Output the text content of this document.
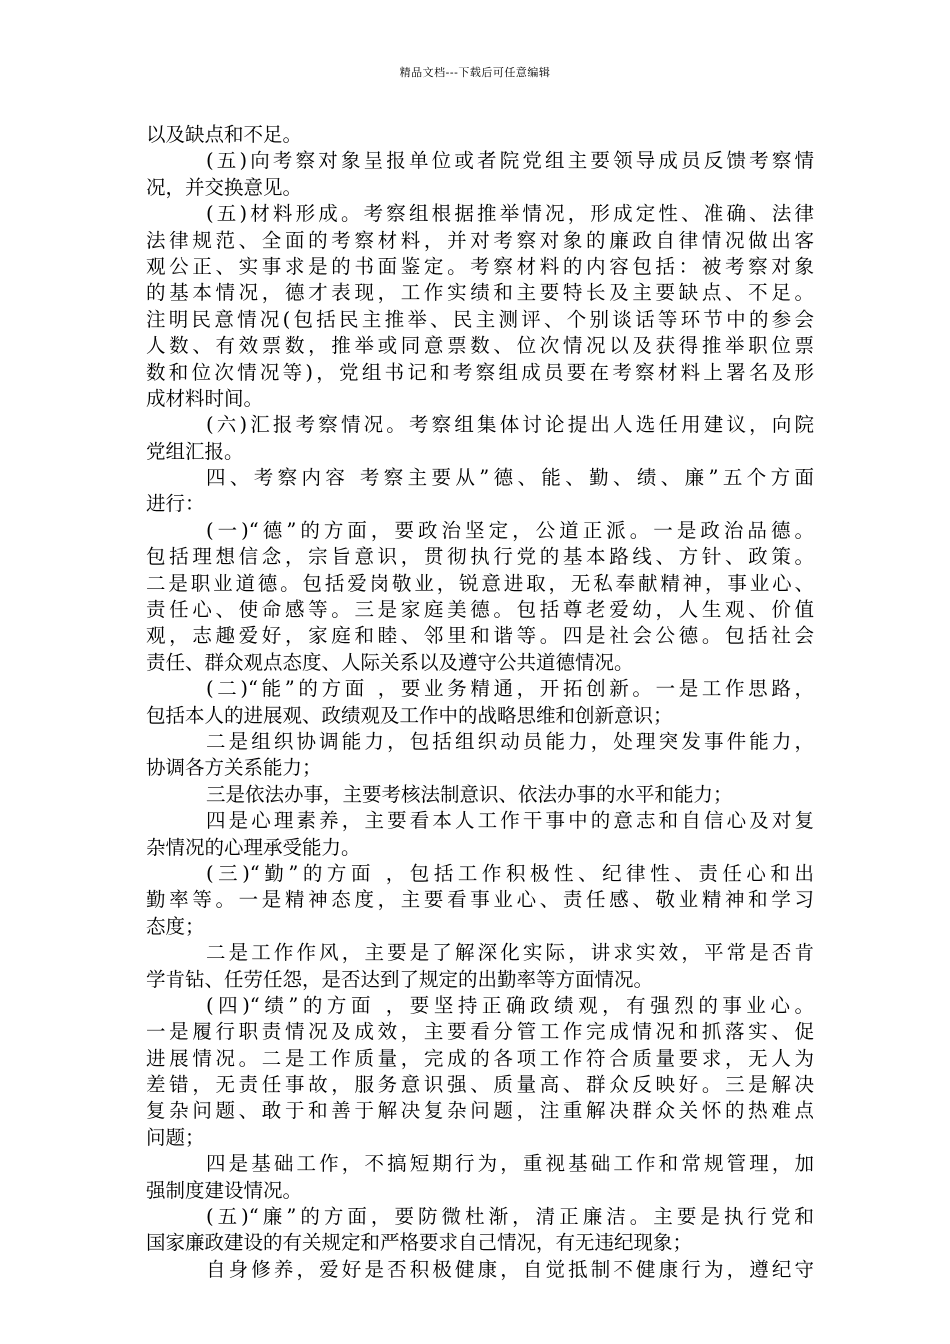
精品文档---下载后可任意编辑
以及缺点和不足。
(五)向考察对象呈报单位或者院党组主要领导成员反馈考察情
况，并交换意见。
(五)材料形成。考察组根据推举情况，形成定性、准确、法律
法律规范、全面的考察材料，并对考察对象的廉政自律情况做出客
观公正、实事求是的书面鉴定。考察材料的内容包括：被考察对象
的基本情况，德才表现，工作实绩和主要特长及主要缺点、不足。
注明民意情况(包括民主推举、民主测评、个别谈话等环节中的参会
人数、有效票数，推举或同意票数、位次情况以及获得推举职位票
数和位次情况等)，党组书记和考察组成员要在考察材料上署名及形
成材料时间。
(六)汇报考察情况。考察组集体讨论提出人选任用建议，向院
党组汇报。
四、考察内容 考察主要从”德、能、勤、绩、廉”五个方面
进行：
(一)“德”的方面，要政治坚定，公道正派。一是政治品德。
包括理想信念，宗旨意识，贯彻执行党的基本路线、方针、政策。
二是职业道德。包括爱岗敬业，锐意进取，无私奉献精神，事业心、
责任心、使命感等。三是家庭美德。包括尊老爱幼，人生观、价值
观，志趣爱好，家庭和睦、邻里和谐等。四是社会公德。包括社会
责任、群众观点态度、人际关系以及遵守公共道德情况。
(二)“能”的方面 ，要业务精通，开拓创新。一是工作思路，
包括本人的进展观、政绩观及工作中的战略思维和创新意识；
二是组织协调能力，包括组织动员能力，处理突发事件能力，
协调各方关系能力；
三是依法办事，主要考核法制意识、依法办事的水平和能力；
四是心理素养，主要看本人工作干事中的意志和自信心及对复
杂情况的心理承受能力。
(三)“勤”的方面 ，包括工作积极性、纪律性、责任心和出
勤率等。一是精神态度，主要看事业心、责任感、敬业精神和学习
态度；
二是工作作风，主要是了解深化实际，讲求实效，平常是否肯
学肯钻、任劳任怨，是否达到了规定的出勤率等方面情况。
(四)“绩”的方面 ，要坚持正确政绩观，有强烈的事业心。
一是履行职责情况及成效，主要看分管工作完成情况和抓落实、促
进展情况。二是工作质量，完成的各项工作符合质量要求，无人为
差错，无责任事故，服务意识强、质量高、群众反映好。三是解决
复杂问题、敢于和善于解决复杂问题，注重解决群众关怀的热难点
问题；
四是基础工作，不搞短期行为，重视基础工作和常规管理，加
强制度建设情况。
(五)“廉”的方面，要防微杜渐，清正廉洁。主要是执行党和
国家廉政建设的有关规定和严格要求自己情况，有无违纪现象；
自身修养，爱好是否积极健康，自觉抵制不健康行为，遵纪守
